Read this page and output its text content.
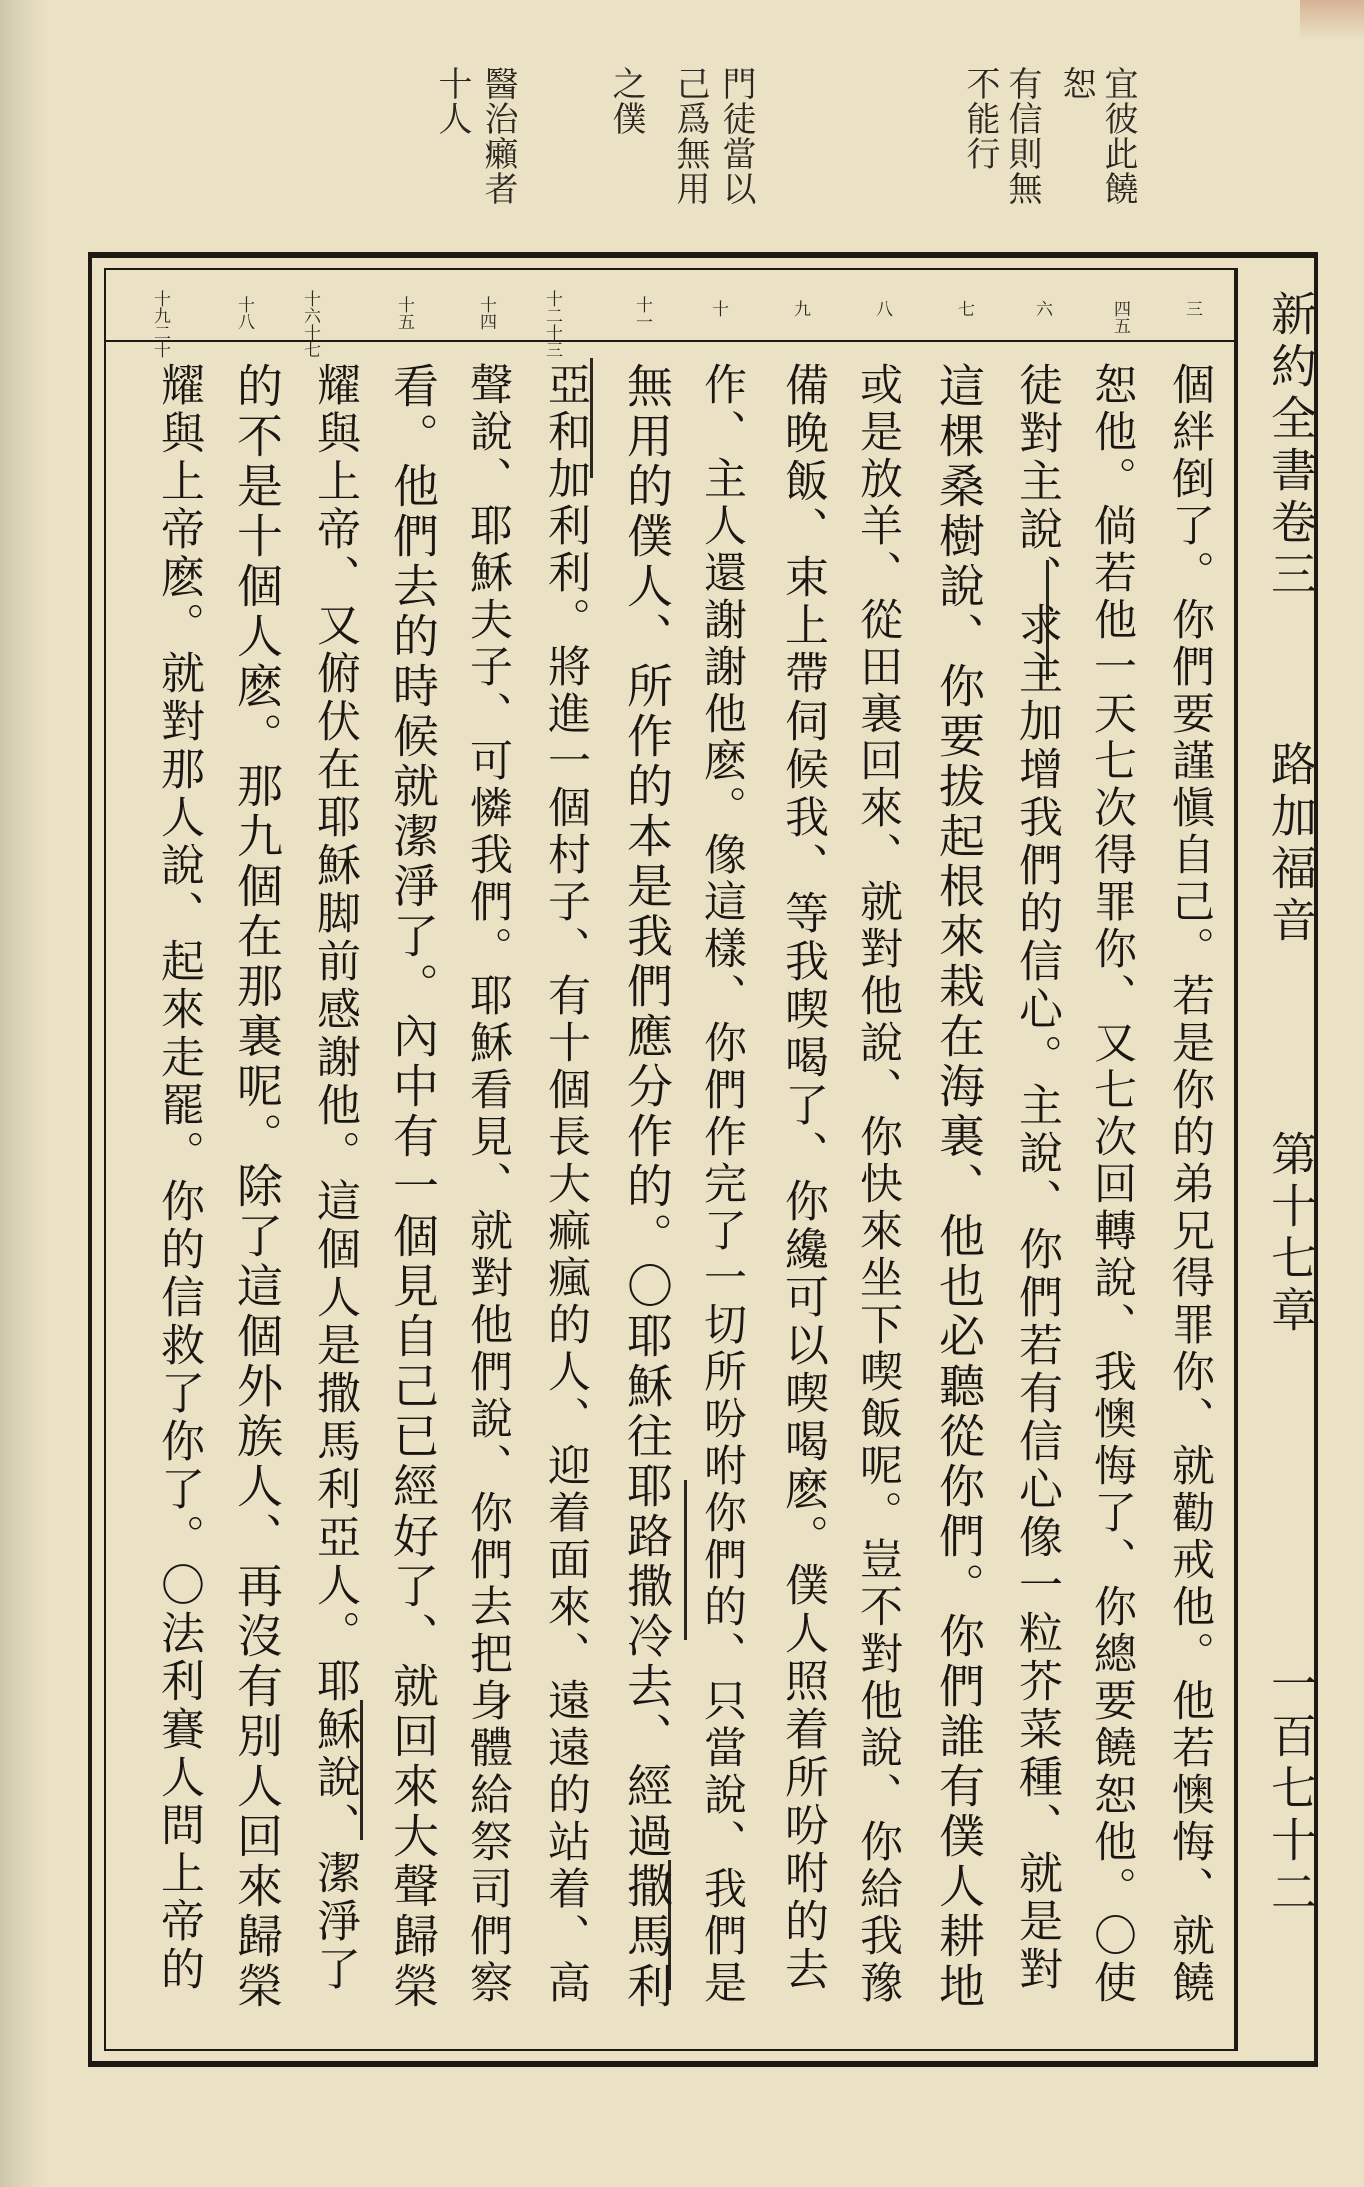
宜彼此饒
恕
有信則無
不能行
門徒當以
己爲無用
之僕
醫治癩者
十人
新約全書卷三
路加福音
第十七章
一百七十二
三
四五
六
七
八
九
十
十一
十二十三
十四
十五
十六十七
十八
十九二十
個絆倒了。你們要謹愼自己。若是你的弟兄得罪你、就勸戒他。他若懊悔、就饒
恕他。倘若他一天七次得罪你、又七次回轉說、我懊悔了、你總要饒恕他。〇使
徒對主說、求主加增我們的信心。主說、你們若有信心像一粒芥菜種、就是對
這棵桑樹說、你要拔起根來栽在海裏、他也必聽從你們。你們誰有僕人耕地
或是放羊、從田裏回來、就對他說、你快來坐下喫飯呢。豈不對他說、你給我豫
備晚飯、束上帶伺候我、等我喫喝了、你纔可以喫喝麽。僕人照着所吩咐的去
作、主人還謝謝他麽。像這樣、你們作完了一切所吩咐你們的、只當說、我們是
無用的僕人、所作的本是我們應分作的。〇耶穌往耶路撒冷去、經過撒馬利
亞和加利利。將進一個村子、有十個長大痲瘋的人、迎着面來、遠遠的站着、高
聲說、耶穌夫子、可憐我們。耶穌看見、就對他們說、你們去把身體給祭司們察
看。他們去的時候就潔淨了。內中有一個見自己已經好了、就回來大聲歸榮
耀與上帝、又俯伏在耶穌脚前感謝他。這個人是撒馬利亞人。耶穌說、潔淨了
的不是十個人麽。那九個在那裏呢。除了這個外族人、再沒有別人回來歸榮
耀與上帝麽。就對那人說、起來走罷。你的信救了你了。〇法利賽人問上帝的
